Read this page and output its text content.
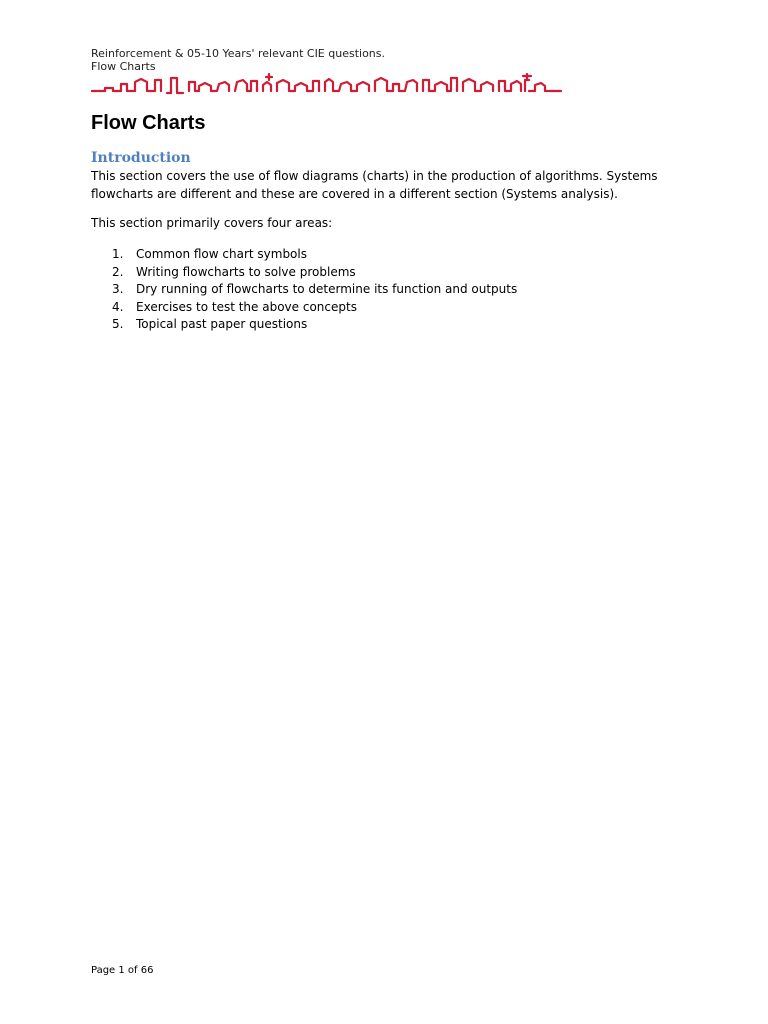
Reinforcement & 05-10 Years' relevant CIE questions.
Flow Charts
Flow Charts
Introduction

This section covers the use of flow diagrams (charts) in the production of algorithms. Systems flowcharts are different and these are covered in a different section (Systems analysis).

This section primarily covers four areas:

1.	Common flow chart symbols
2.	Writing flowcharts to solve problems
3.	Dry running of flowcharts to determine its function and outputs
4.	Exercises to test the above concepts
5.	Topical past paper questions
Page 1 of 66
